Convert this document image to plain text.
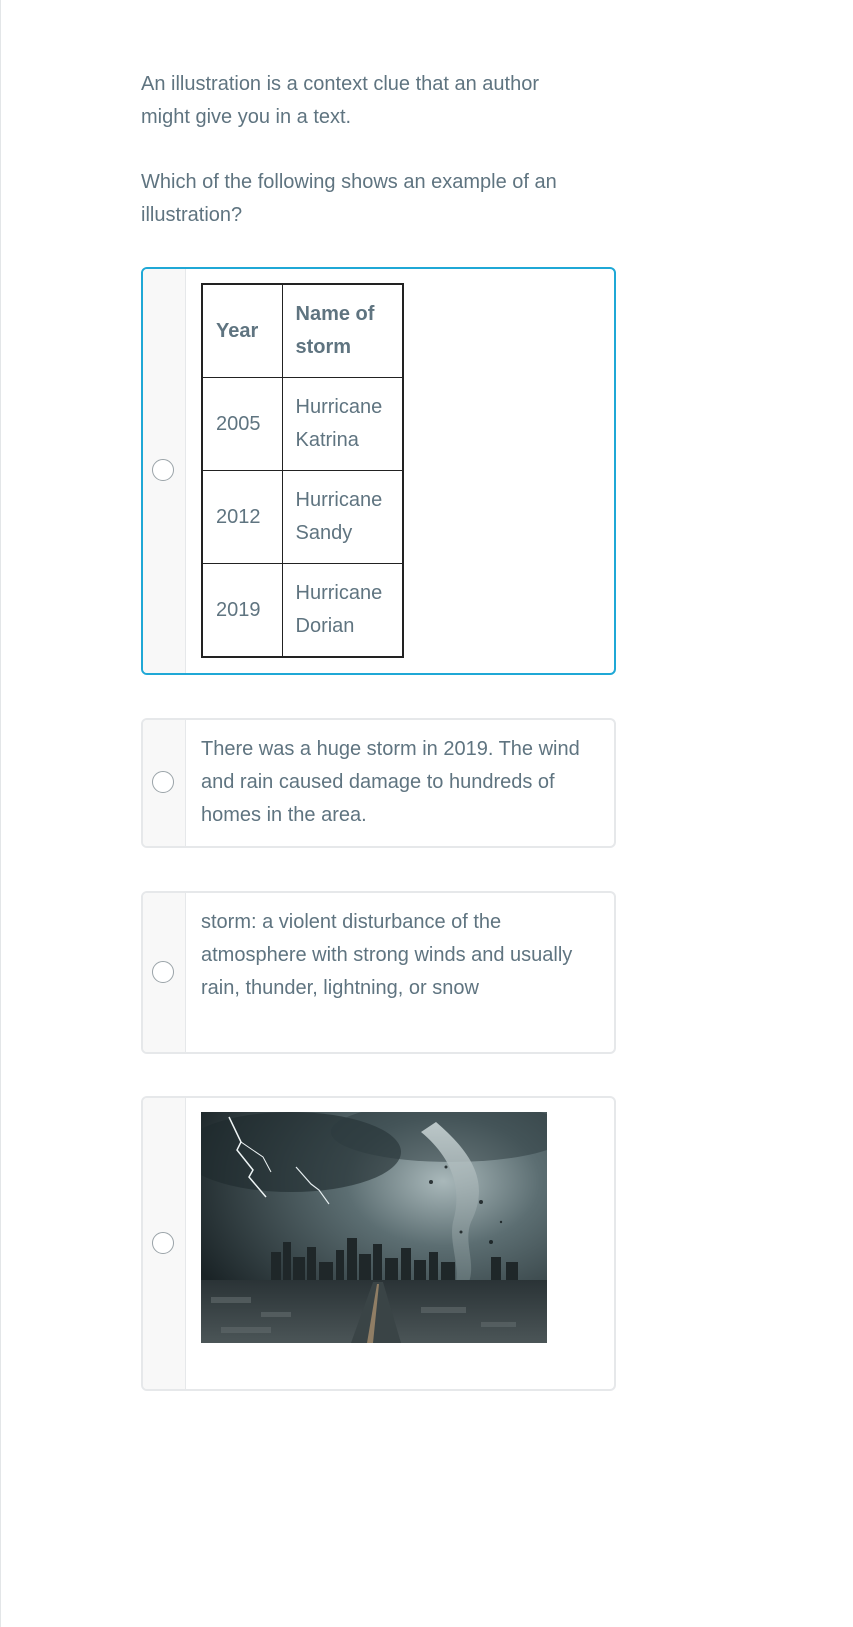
An illustration is a context clue that an author might give you in a text.

Which of the following shows an example of an illustration?

Year	Name of storm
2005	Hurricane Katrina
2012	Hurricane Sandy
2019	Hurricane Dorian

There was a huge storm in 2019. The wind and rain caused damage to hundreds of homes in the area.

storm: a violent disturbance of the atmosphere with strong winds and usually rain, thunder, lightning, or snow
